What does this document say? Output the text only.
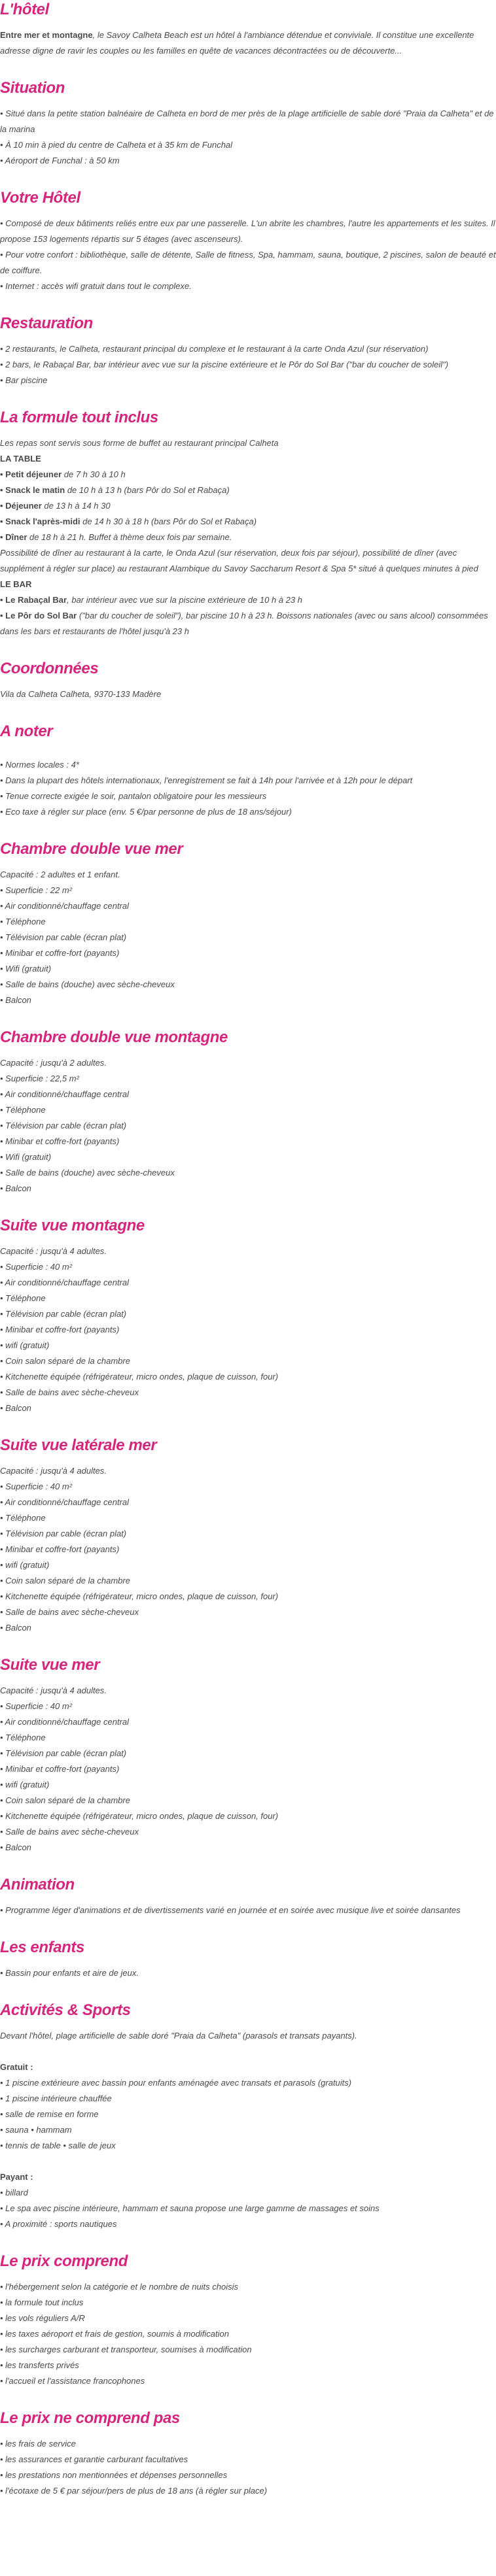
L'hôtel

Entre mer et montagne, le Savoy Calheta Beach est un hôtel à l'ambiance détendue et conviviale. Il constitue une excellente adresse digne de ravir les couples ou les familles en quête de vacances décontractées ou de découverte...

Situation

• Situé dans la petite station balnéaire de Calheta en bord de mer près de la plage artificielle de sable doré "Praia da Calheta" et de la marina

• À 10 min à pied du centre de Calheta et à 35 km de Funchal

• Aéroport de Funchal : à 50 km

Votre Hôtel

• Composé de deux bâtiments reliés entre eux par une passerelle. L'un abrite les chambres, l'autre les appartements et les suites. Il propose 153 logements répartis sur 5 étages (avec ascenseurs).

• Pour votre confort : bibliothèque, salle de détente, Salle de fitness, Spa, hammam, sauna, boutique, 2 piscines, salon de beauté et de coiffure.

• Internet : accès wifi gratuit dans tout le complexe.

Restauration

• 2 restaurants, le Calheta, restaurant principal du complexe et le restaurant à la carte Onda Azul (sur réservation)

• 2 bars, le Rabaçal Bar, bar intérieur avec vue sur la piscine extérieure et le Pôr do Sol Bar ("bar du coucher de soleil")

• Bar piscine

La formule tout inclus

Les repas sont servis sous forme de buffet au restaurant principal Calheta

LA TABLE

• Petit déjeuner de 7 h 30 à 10 h

• Snack le matin de 10 h à 13 h (bars Pôr do Sol et Rabaça)

• Déjeuner de 13 h à 14 h 30

• Snack l'après-midi de 14 h 30 à 18 h (bars Pôr do Sol et Rabaça)

• Dîner de 18 h à 21 h. Buffet à thème deux fois par semaine.

Possibilité de dîner au restaurant à la carte, le Onda Azul (sur réservation, deux fois par séjour), possibilité de dîner (avec supplément à régler sur place) au restaurant Alambique du Savoy Saccharum Resort & Spa 5* situé à quelques minutes à pied

LE BAR

• Le Rabaçal Bar, bar intérieur avec vue sur la piscine extérieure de 10 h à 23 h

• Le Pôr do Sol Bar ("bar du coucher de soleil"), bar piscine 10 h à 23 h. Boissons nationales (avec ou sans alcool) consommées dans les bars et restaurants de l'hôtel jusqu'à 23 h

Coordonnées

Vila da Calheta Calheta, 9370-133 Madère

A noter

• Normes locales : 4*

• Dans la plupart des hôtels internationaux, l'enregistrement se fait à 14h pour l'arrivée et à 12h pour le départ

• Tenue correcte exigée le soir, pantalon obligatoire pour les messieurs

• Eco taxe à régler sur place (env. 5 €/par personne de plus de 18 ans/séjour)

Chambre double vue mer

Capacité : 2 adultes et 1 enfant.

• Superficie : 22 m²

• Air conditionné/chauffage central

• Téléphone

• Télévision par cable (écran plat)

• Minibar et coffre-fort (payants)

• Wifi (gratuit)

• Salle de bains (douche) avec sèche-cheveux

• Balcon

Chambre double vue montagne

Capacité : jusqu'à 2 adultes.

• Superficie : 22,5 m²

• Air conditionné/chauffage central

• Téléphone

• Télévision par cable (écran plat)

• Minibar et coffre-fort (payants)

• Wifi (gratuit)

• Salle de bains (douche) avec sèche-cheveux

• Balcon

Suite vue montagne

Capacité : jusqu'à 4 adultes.

• Superficie : 40 m²

• Air conditionné/chauffage central

• Téléphone

• Télévision par cable (écran plat)

• Minibar et coffre-fort (payants)

• wifi (gratuit)

• Coin salon séparé de la chambre

• Kitchenette équipée (réfrigérateur, micro ondes, plaque de cuisson, four)

• Salle de bains avec sèche-cheveux

• Balcon

Suite vue latérale mer

Capacité : jusqu'à 4 adultes.

• Superficie : 40 m²

• Air conditionné/chauffage central

• Téléphone

• Télévision par cable (écran plat)

• Minibar et coffre-fort (payants)

• wifi (gratuit)

• Coin salon séparé de la chambre

• Kitchenette équipée (réfrigérateur, micro ondes, plaque de cuisson, four)

• Salle de bains avec sèche-cheveux

• Balcon

Suite vue mer

Capacité : jusqu'à 4 adultes.

• Superficie : 40 m²

• Air conditionné/chauffage central

• Téléphone

• Télévision par cable (écran plat)

• Minibar et coffre-fort (payants)

• wifi (gratuit)

• Coin salon séparé de la chambre

• Kitchenette équipée (réfrigérateur, micro ondes, plaque de cuisson, four)

• Salle de bains avec sèche-cheveux

• Balcon

Animation

• Programme léger d'animations et de divertissements varié en journée et en soirée avec musique live et soirée dansantes

Les enfants

• Bassin pour enfants et aire de jeux.

Activités & Sports

Devant l'hôtel, plage artificielle de sable doré "Praia da Calheta" (parasols et transats payants).

Gratuit :

• 1 piscine extérieure avec bassin pour enfants aménagée avec transats et parasols (gratuits)

• 1 piscine intérieure chauffée

• salle de remise en forme

• sauna • hammam

• tennis de table • salle de jeux

Payant :

• billard

• Le spa avec piscine intérieure, hammam et sauna propose une large gamme de massages et soins

• A proximité : sports nautiques

Le prix comprend

• l'hébergement selon la catégorie et le nombre de nuits choisis

• la formule tout inclus

• les vols réguliers A/R

• les taxes aéroport et frais de gestion, soumis à modification

• les surcharges carburant et transporteur, soumises à modification

• les transferts privés

• l'accueil et l'assistance francophones

Le prix ne comprend pas

• les frais de service

• les assurances et garantie carburant facultatives

• les prestations non mentionnées et dépenses personnelles

• l'écotaxe de 5 € par séjour/pers de plus de 18 ans (à régler sur place)
